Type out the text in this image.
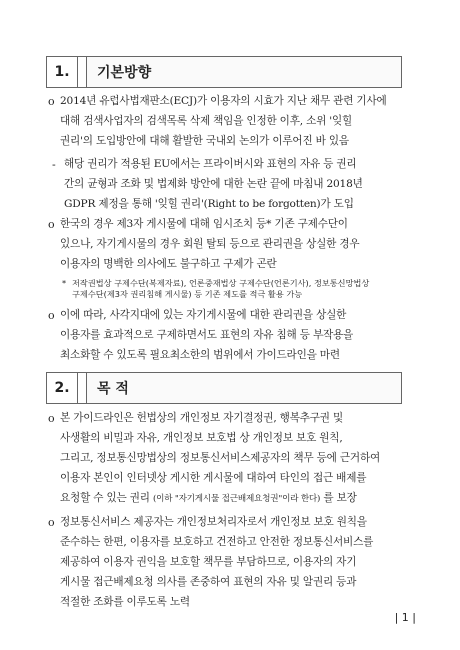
1.	기본방향
o 2014년 유럽사법재판소(ECJ)가 이용자의 시효가 지난 채무 관련 기사에
대해 검색사업자의 검색목록 삭제 책임을 인정한 이후, 소위 '잊힐
권리'의 도입방안에 대해 활발한 국내외 논의가 이루어진 바 있음
- 해당 권리가 적용된 EU에서는 프라이버시와 표현의 자유 등 권리
간의 균형과 조화 및 법제화 방안에 대한 논란 끝에 마침내 2018년
GDPR 제정을 통해 '잊힐 권리'(Right to be forgotten)가 도입
o 한국의 경우 제3자 게시물에 대해 임시조치 등* 기존 구제수단이
있으나, 자기게시물의 경우 회원 탈퇴 등으로 관리권을 상실한 경우
이용자의 명백한 의사에도 불구하고 구제가 곤란
* 저작권법상 구제수단(복제자료), 언론중재법상 구제수단(언론기사), 정보통신망법상
구제수단(제3자 권리침해 게시물) 등 기존 제도를 적극 활용 가능
o 이에 따라, 사각지대에 있는 자기게시물에 대한 관리권을 상실한
이용자를 효과적으로 구제하면서도 표현의 자유 침해 등 부작용을
최소화할 수 있도록 필요최소한의 범위에서 가이드라인을 마련
2.	목 적
o 본 가이드라인은 헌법상의 개인정보 자기결정권, 행복추구권 및
사생활의 비밀과 자유, 개인정보 보호법 상 개인정보 보호 원칙,
그리고, 정보통신망법상의 정보통신서비스제공자의 책무 등에 근거하여
이용자 본인이 인터넷상 게시한 게시물에 대하여 타인의 접근 배제를
요청할 수 있는 권리 (이하 "자기게시물 접근배제요청권"이라 한다) 를 보장
o 정보통신서비스 제공자는 개인정보처리자로서 개인정보 보호 원칙을
준수하는 한편, 이용자를 보호하고 건전하고 안전한 정보통신서비스를
제공하여 이용자 권익을 보호할 책무를 부담하므로, 이용자의 자기
게시물 접근배제요청 의사를 존중하여 표현의 자유 및 알권리 등과
적절한 조화를 이루도록 노력
| 1 |
